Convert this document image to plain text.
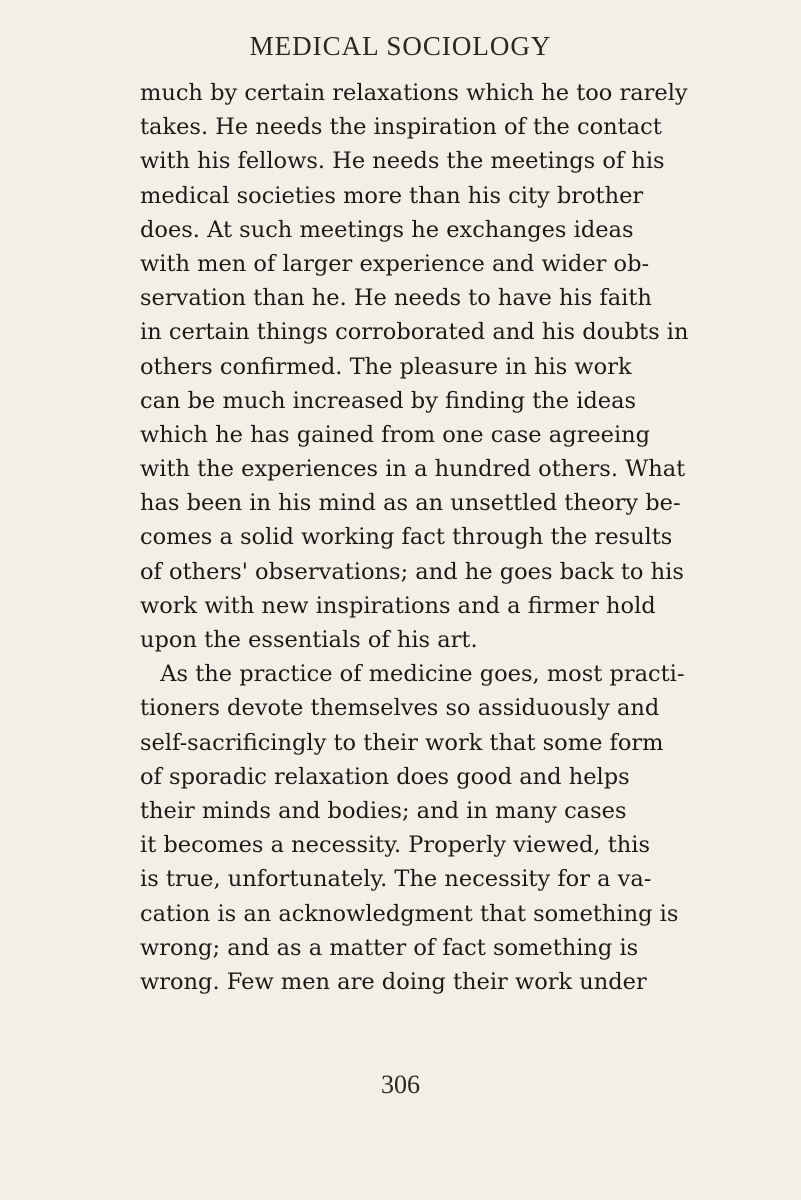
MEDICAL SOCIOLOGY
much by certain relaxations which he too rarely
takes. He needs the inspiration of the contact
with his fellows. He needs the meetings of his
medical societies more than his city brother
does. At such meetings he exchanges ideas
with men of larger experience and wider ob-
servation than he. He needs to have his faith
in certain things corroborated and his doubts in
others confirmed. The pleasure in his work
can be much increased by finding the ideas
which he has gained from one case agreeing
with the experiences in a hundred others. What
has been in his mind as an unsettled theory be-
comes a solid working fact through the results
of others' observations; and he goes back to his
work with new inspirations and a firmer hold
upon the essentials of his art.
As the practice of medicine goes, most practi-
tioners devote themselves so assiduously and
self-sacrificingly to their work that some form
of sporadic relaxation does good and helps
their minds and bodies; and in many cases
it becomes a necessity. Properly viewed, this
is true, unfortunately. The necessity for a va-
cation is an acknowledgment that something is
wrong; and as a matter of fact something is
wrong. Few men are doing their work under
306
